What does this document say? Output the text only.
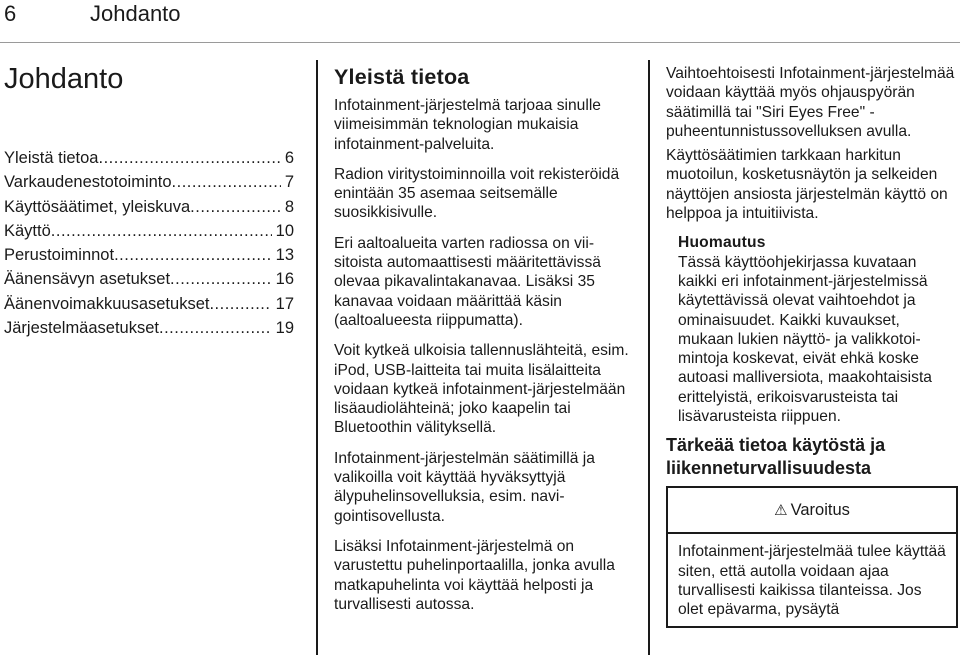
6	Johdanto
Johdanto
Yleistä tietoa .....	6
Varkaudenestotoiminto .....	7
Käyttösäätimet, yleiskuva .....	8
Käyttö .....	10
Perustoiminnot .....	13
Äänensävyn asetukset .....	16
Äänenvoimakkuusasetukset .....	17
Järjestelmäasetukset .....	19
Yleistä tietoa

Infotainment-järjestelmä tarjoaa sinulle viimeisimmän teknologian mukaisia infotainment-palveluita.

Radion viritystoiminnoilla voit rekisteröidä enintään 35 asemaa seitsemälle suosikkisivulle.

Eri aaltoalueita varten radiossa on viisitoista automaattisesti määritettävissä olevaa pikavalintakanavaa. Lisäksi 35 kanavaa voidaan määrittää käsin (aaltoalueesta riippumatta).

Voit kytkeä ulkoisia tallennuslähteitä, esim. iPod, USB-laitteita tai muita lisälaitteita voidaan kytkeä infotainment-järjestelmään lisäaudiolähteinä; joko kaapelin tai Bluetoothin välityksellä.

Infotainment-järjestelmän säätimillä ja valikoilla voit käyttää hyväksyttyjä älypuhelinsovelluksia, esim. navigointisovellusta.

Lisäksi Infotainment-järjestelmä on varustettu puhelinportaalilla, jonka avulla matkapuhelinta voi käyttää helposti ja turvallisesti autossa.

Vaihtoehtoisesti Infotainment-järjestelmää voidaan käyttää myös ohjauspyörän säätimillä tai "Siri Eyes Free" -puheentunnistussovelluksen avulla.

Käyttösäätimien tarkkaan harkitun muotoilun, kosketusnäytön ja selkeiden näyttöjen ansiosta järjestelmän käyttö on helppoa ja intuitiivista.

Huomautus
Tässä käyttöohjekirjassa kuvataan kaikki eri infotainment-järjestelmissä käytettävissä olevat vaihtoehdot ja ominaisuudet. Kaikki kuvaukset, mukaan lukien näyttö- ja valikkotoimintoja koskevat, eivät ehkä koske autoasi malliversiota, maakohtaisista erittelyistä, erikoisvarusteista tai lisävarusteista riippuen.
Tärkeää tietoa käytöstä ja liikenneturvallisuudesta
⚠ Varoitus
Infotainment-järjestelmää tulee käyttää siten, että autolla voidaan ajaa turvallisesti kaikissa tilanteissa. Jos olet epävarma, pysäytä
